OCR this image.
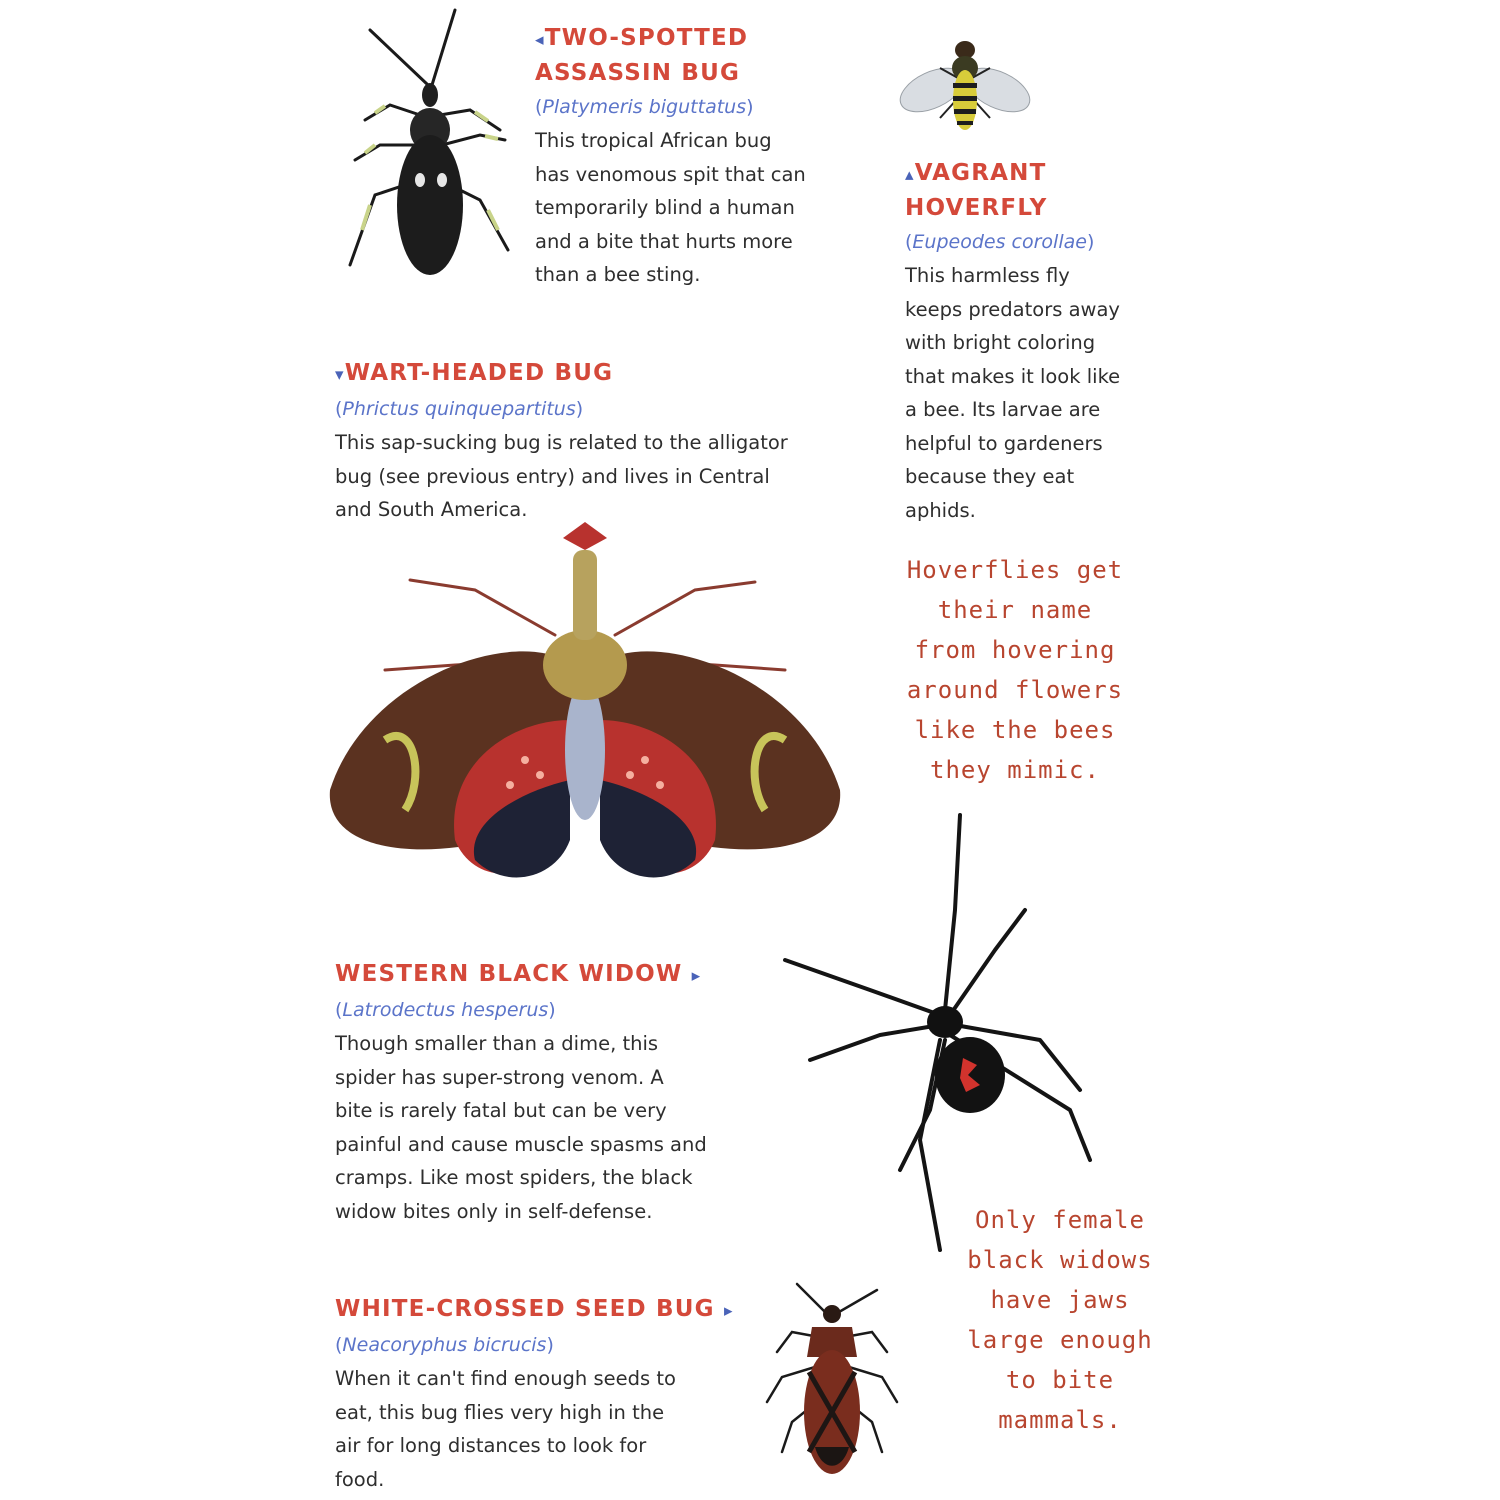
◂TWO-SPOTTED
ASSASSIN BUG
(Platymeris biguttatus)
This tropical African bug
has venomous spit that can
temporarily blind a human
and a bite that hurts more
than a bee sting.
▴VAGRANT
HOVERFLY
(Eupeodes corollae)
This harmless fly
keeps predators away
with bright coloring
that makes it look like
a bee. Its larvae are
helpful to gardeners
because they eat
aphids.
▾WART-HEADED BUG
(Phrictus quinquepartitus)
This sap-sucking bug is related to the alligator
bug (see previous entry) and lives in Central
and South America.
WESTERN BLACK WIDOW ▸
(Latrodectus hesperus)
Though smaller than a dime, this
spider has super-strong venom. A
bite is rarely fatal but can be very
painful and cause muscle spasms and
cramps. Like most spiders, the black
widow bites only in self-defense.
WHITE-CROSSED SEED BUG ▸
(Neacoryphus bicrucis)
When it can't find enough seeds to
eat, this bug flies very high in the
air for long distances to look for
food.
Hoverflies get
their name
from hovering
around flowers
like the bees
they mimic.
Only female
black widows
have jaws
large enough
to bite
mammals.
